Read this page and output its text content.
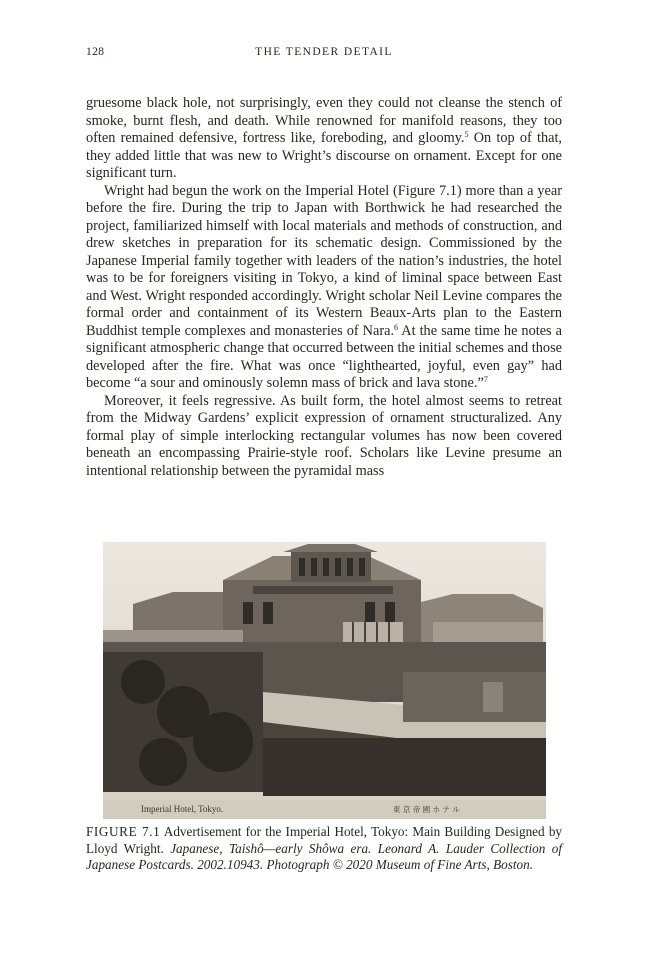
128	THE TENDER DETAIL

gruesome black hole, not surprisingly, even they could not cleanse the stench of smoke, burnt flesh, and death. While renowned for manifold reasons, they too often remained defensive, fortress like, foreboding, and gloomy.$^5$ On top of that, they added little that was new to Wright’s discourse on ornament. Except for one significant turn.

Wright had begun the work on the Imperial Hotel (Figure 7.1) more than a year before the fire. During the trip to Japan with Borthwick he had researched the project, familiarized himself with local materials and methods of construction, and drew sketches in preparation for its schematic design. Commissioned by the Japanese Imperial family together with leaders of the nation’s industries, the hotel was to be for foreigners visiting in Tokyo, a kind of liminal space between East and West. Wright responded accordingly. Wright scholar Neil Levine compares the formal order and containment of its Western Beaux-Arts plan to the Eastern Buddhist temple complexes and monasteries of Nara.$^6$ At the same time he notes a significant atmospheric change that occurred between the initial schemes and those developed after the fire. What was once “lighthearted, joyful, even gay” had become “a sour and ominously solemn mass of brick and lava stone.”$^7$

Moreover, it feels regressive. As built form, the hotel almost seems to retreat from the Midway Gardens’ explicit expression of ornament structuralized. Any formal play of simple interlocking rectangular volumes has now been covered beneath an encompassing Prairie-style roof. Scholars like Levine presume an intentional relationship between the pyramidal mass

Imperial Hotel, Tokyo.	東 京 帝 國 ホ テ ル
FIGURE 7.1 Advertisement for the Imperial Hotel, Tokyo: Main Building Designed by Lloyd Wright. Japanese, Taishô—early Shôwa era. Leonard A. Lauder Collection of Japanese Postcards. 2002.10943. Photograph © 2020 Museum of Fine Arts, Boston.
